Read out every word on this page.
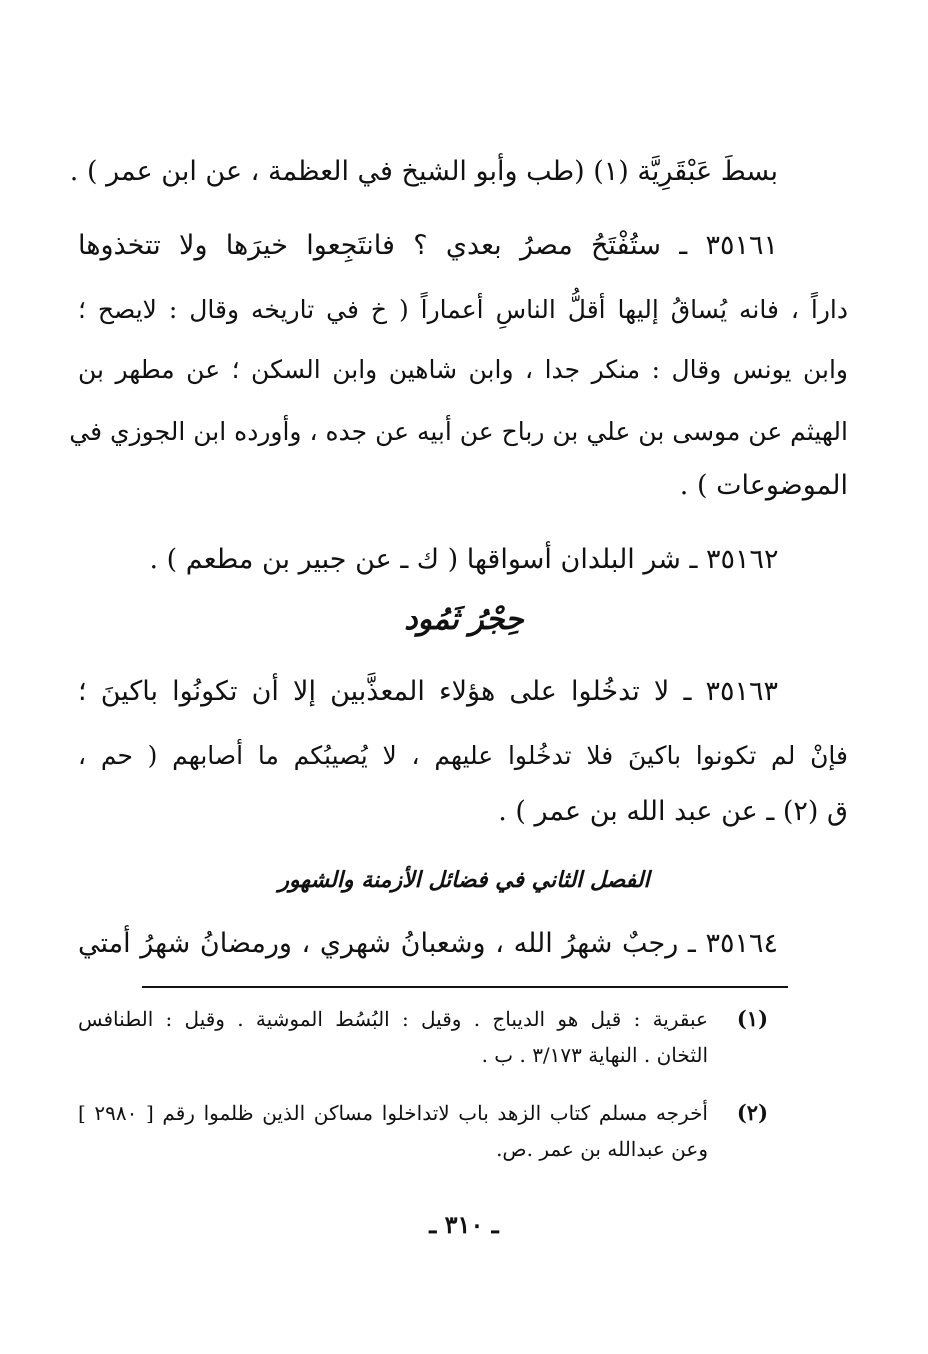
بسطَ عَبْقَرِيَّة (١) (طب وأبو الشيخ في العظمة ، عن ابن عمر ) .
٣٥١٦١ ـ ستُفْتَحُ مصرُ بعدي ؟ فانتَجِعوا خيرَها ولا تتخذوها
داراً ، فانه يُساقُ إليها أقلُّ الناسِ أعماراً ( خ في تاريخه وقال : لايصح ؛
وابن يونس وقال : منكر جدا ، وابن شاهين وابن السكن ؛ عن مطهر بن
الهيثم عن موسى بن علي بن رباح عن أبيه عن جده ، وأورده ابن الجوزي في
الموضوعات ) .
٣٥١٦٢ ـ شر البلدان أسواقها ( ك ـ عن جبير بن مطعم ) .
حِجْرُ ثَمُود
٣٥١٦٣ ـ لا تدخُلوا على هؤلاء المعذَّبين إلا أن تكونُوا باكينَ ؛
فإنْ لم تكونوا باكينَ فلا تدخُلوا عليهم ، لا يُصيبُكم ما أصابهم ( حم ،
ق (٢) ـ عن عبد الله بن عمر ) .
الفصل الثاني في فضائل الأزمنة والشهور
٣٥١٦٤ ـ رجبٌ شهرُ الله ، وشعبانُ شهري ، ورمضانُ شهرُ أمتي
(١)
عبقرية : قيل هو الديباج . وقيل : البُسُط الموشية . وقيل : الطنافس
الثخان . النهاية ٣/١٧٣ . ب .
(٢)
أخرجه مسلم كتاب الزهد باب لاتداخلوا مساكن الذين ظلموا رقم [ ٢٩٨٠ ]
وعن عبدالله بن عمر .ص.
ـ ٣١٠ ـ
